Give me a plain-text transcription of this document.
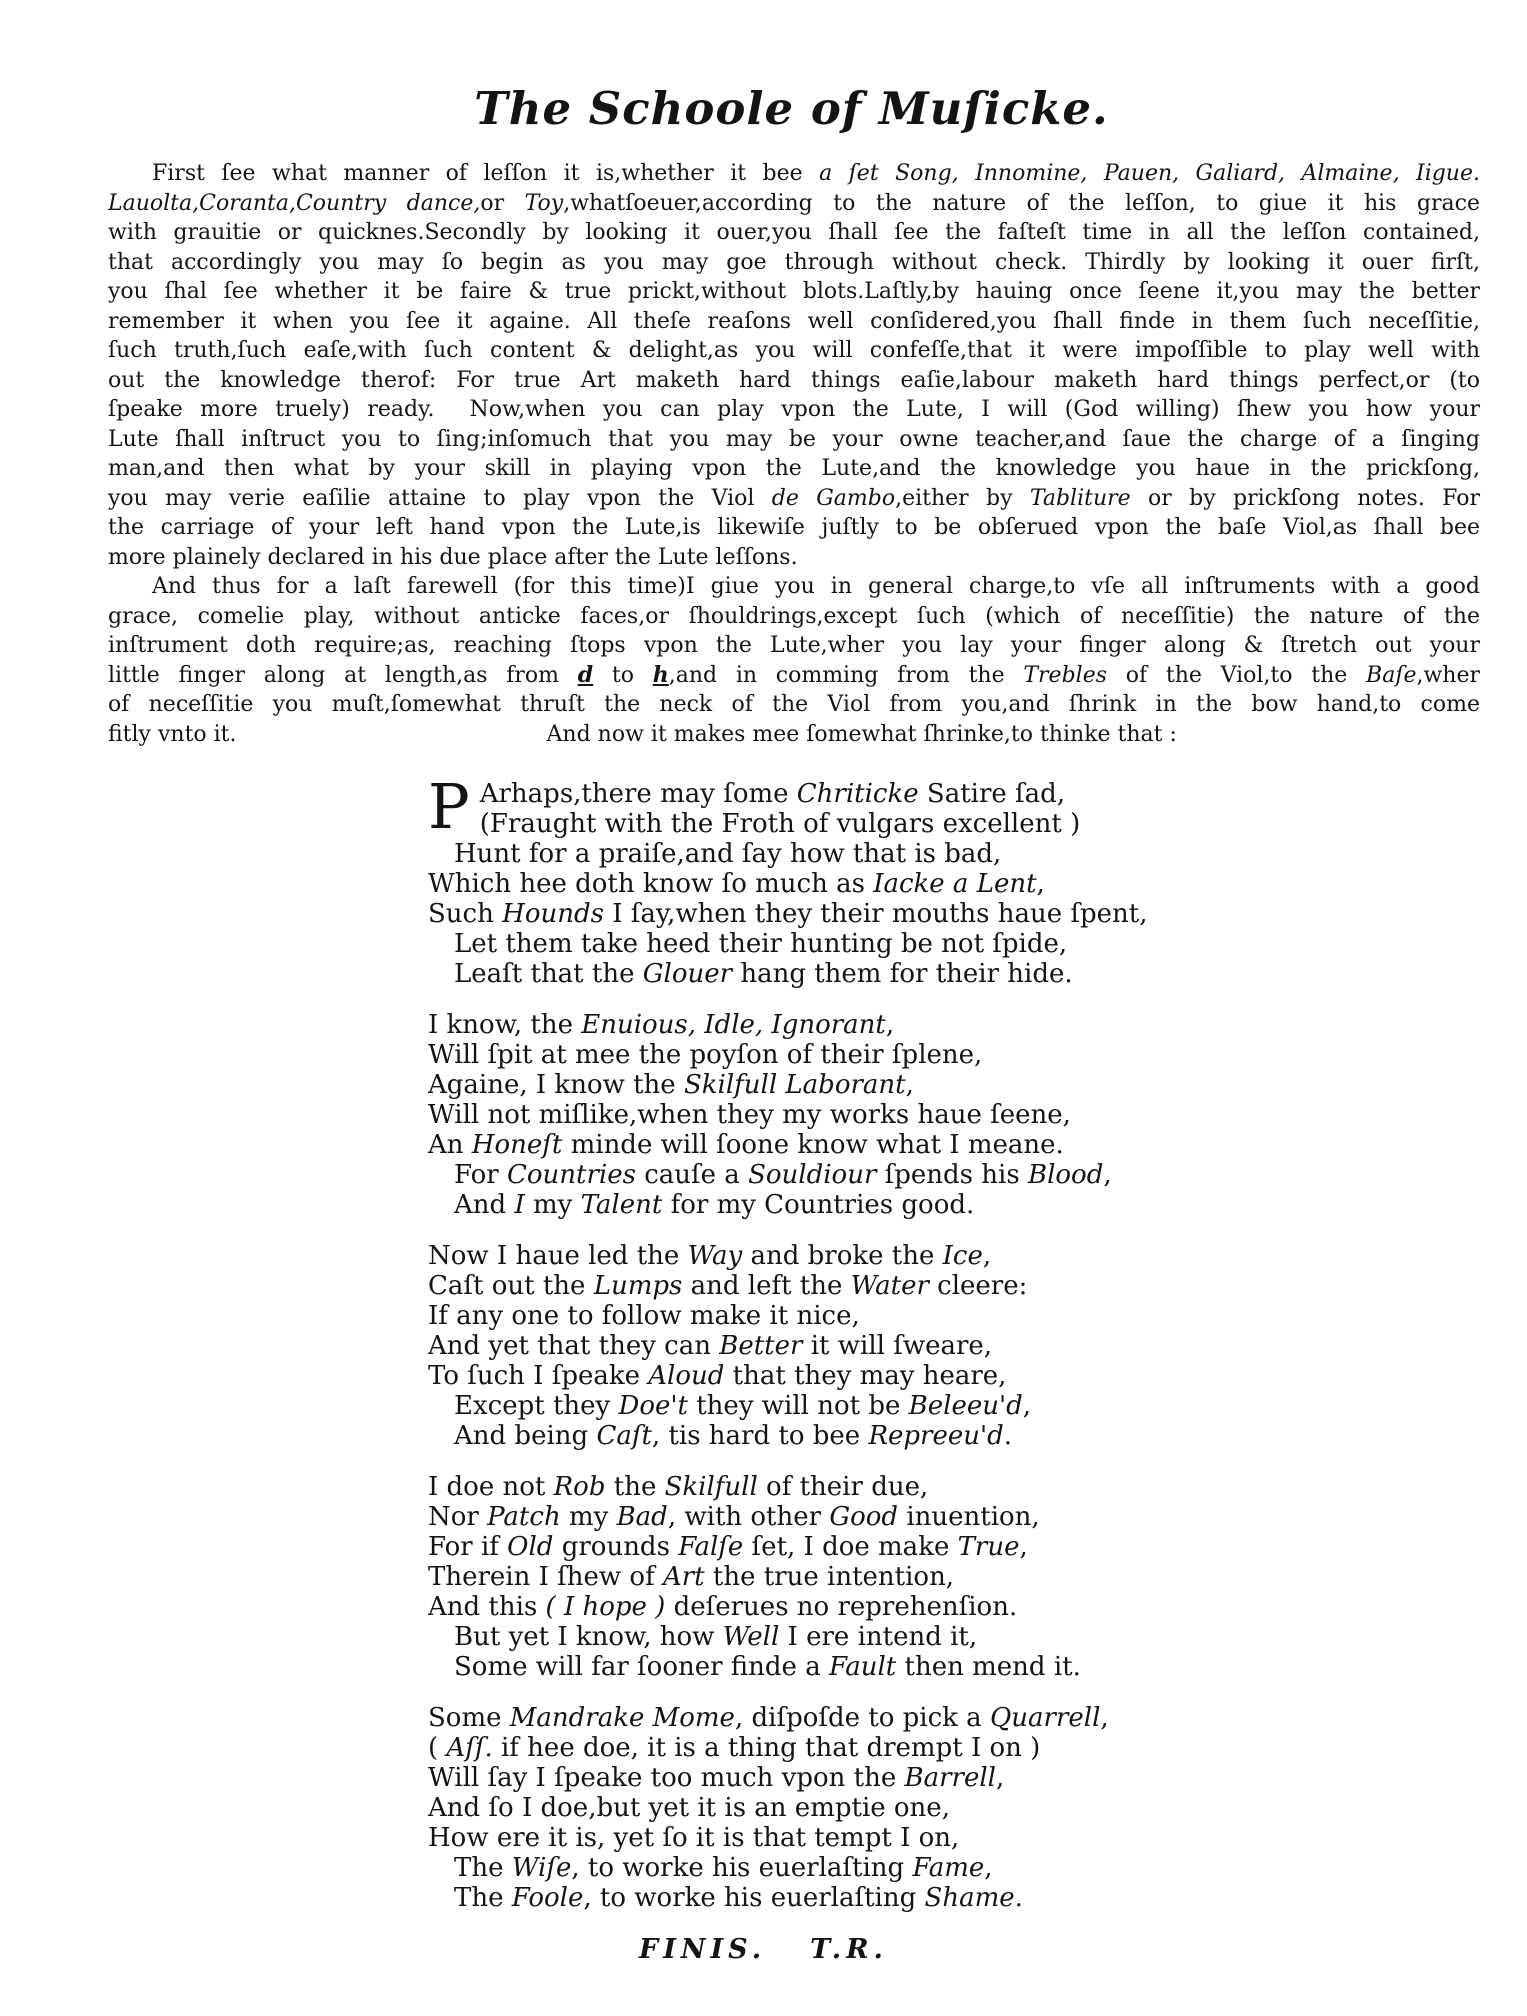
The Schoole of Muſicke.
First ſee what manner of leſſon it is,whether it bee a ſet Song, Innomine, Pauen, Galiard, Almaine, Iigue.
Lauolta,Coranta,Country dance,or Toy,whatſoeuer,according to the nature of the leſſon, to giue it his grace
with grauitie or quicknes.Secondly by looking it ouer,you ſhall ſee the faſteſt time in all the leſſon contained,
that accordingly you may ſo begin as you may goe through without check. Thirdly by looking it ouer firſt,
you ſhal ſee whether it be faire & true prickt,without blots.Laſtly,by hauing once ſeene it,you may the better
remember it when you ſee it againe. All theſe reaſons well conſidered,you ſhall finde in them ſuch neceſſitie,
ſuch truth,ſuch eaſe,with ſuch content & delight,as you will confeſſe,that it were impoſſible to play well with
out the knowledge therof: For true Art maketh hard things eaſie,labour maketh hard things perfect,or (to
ſpeake more truely) ready.  Now,when you can play vpon the Lute, I will (God willing) ſhew you how your
Lute ſhall inſtruct you to ſing;inſomuch that you may be your owne teacher,and ſaue the charge of a ſinging
man,and then what by your skill in playing vpon the Lute,and the knowledge you haue in the prickſong,
you may verie eaſilie attaine to play vpon the Viol de Gambo,either by Tabliture or by prickſong notes. For
the carriage of your left hand vpon the Lute,is likewiſe juſtly to be obſerued vpon the baſe Viol,as ſhall bee
more plainely declared in his due place after the Lute leſſons.
And thus for a laſt farewell (for this time)I giue you in general charge,to vſe all inſtruments with a good
grace, comelie play, without anticke faces,or ſhouldrings,except ſuch (which of neceſſitie) the nature of the
inſtrument doth require;as, reaching ſtops vpon the Lute,wher you lay your finger along & ſtretch out your
little finger along at length,as from d to h,and in comming from the Trebles of the Viol,to the Baſe,wher
of neceſſitie you muſt,ſomewhat thruſt the neck of the Viol from you,and ſhrink in the bow hand,to come
fitly vnto it.	And now it makes mee ſomewhat ſhrinke,to thinke that :
P Arhaps,there may ſome Chriticke Satire ſad,
(Fraught with the Froth of vulgars excellent )
Hunt for a praiſe,and ſay how that is bad,
Which hee doth know ſo much as Iacke a Lent,
Such Hounds I ſay,when they their mouths haue ſpent,
Let them take heed their hunting be not ſpide,
Leaſt that the Glouer hang them for their hide.
I know, the Enuious, Idle, Ignorant,
Will ſpit at mee the poyſon of their ſplene,
Againe, I know the Skilfull Laborant,
Will not miſlike,when they my works haue ſeene,
An Honeſt minde will ſoone know what I meane.
For Countries cauſe a Souldiour ſpends his Blood,
And I my Talent for my Countries good.
Now I haue led the Way and broke the Ice,
Caſt out the Lumps and left the Water cleere:
If any one to follow make it nice,
And yet that they can Better it will ſweare,
To ſuch I ſpeake Aloud that they may heare,
Except they Doe't they will not be Beleeu'd,
And being Caſt, tis hard to bee Repreeu'd.
I doe not Rob the Skilfull of their due,
Nor Patch my Bad, with other Good inuention,
For if Old grounds Falſe ſet, I doe make True,
Therein I ſhew of Art the true intention,
And this ( I hope ) deſerues no reprehenſion.
But yet I know, how Well I ere intend it,
Some will far ſooner finde a Fault then mend it.
Some Mandrake Mome, diſpoſde to pick a Quarrell,
( Aſſ. if hee doe, it is a thing that drempt I on )
Will ſay I ſpeake too much vpon the Barrell,
And ſo I doe,but yet it is an emptie one,
How ere it is, yet ſo it is that tempt I on,
The Wiſe, to worke his euerlaſting Fame,
The Foole, to worke his euerlaſting Shame.
FINIS. T.R.
